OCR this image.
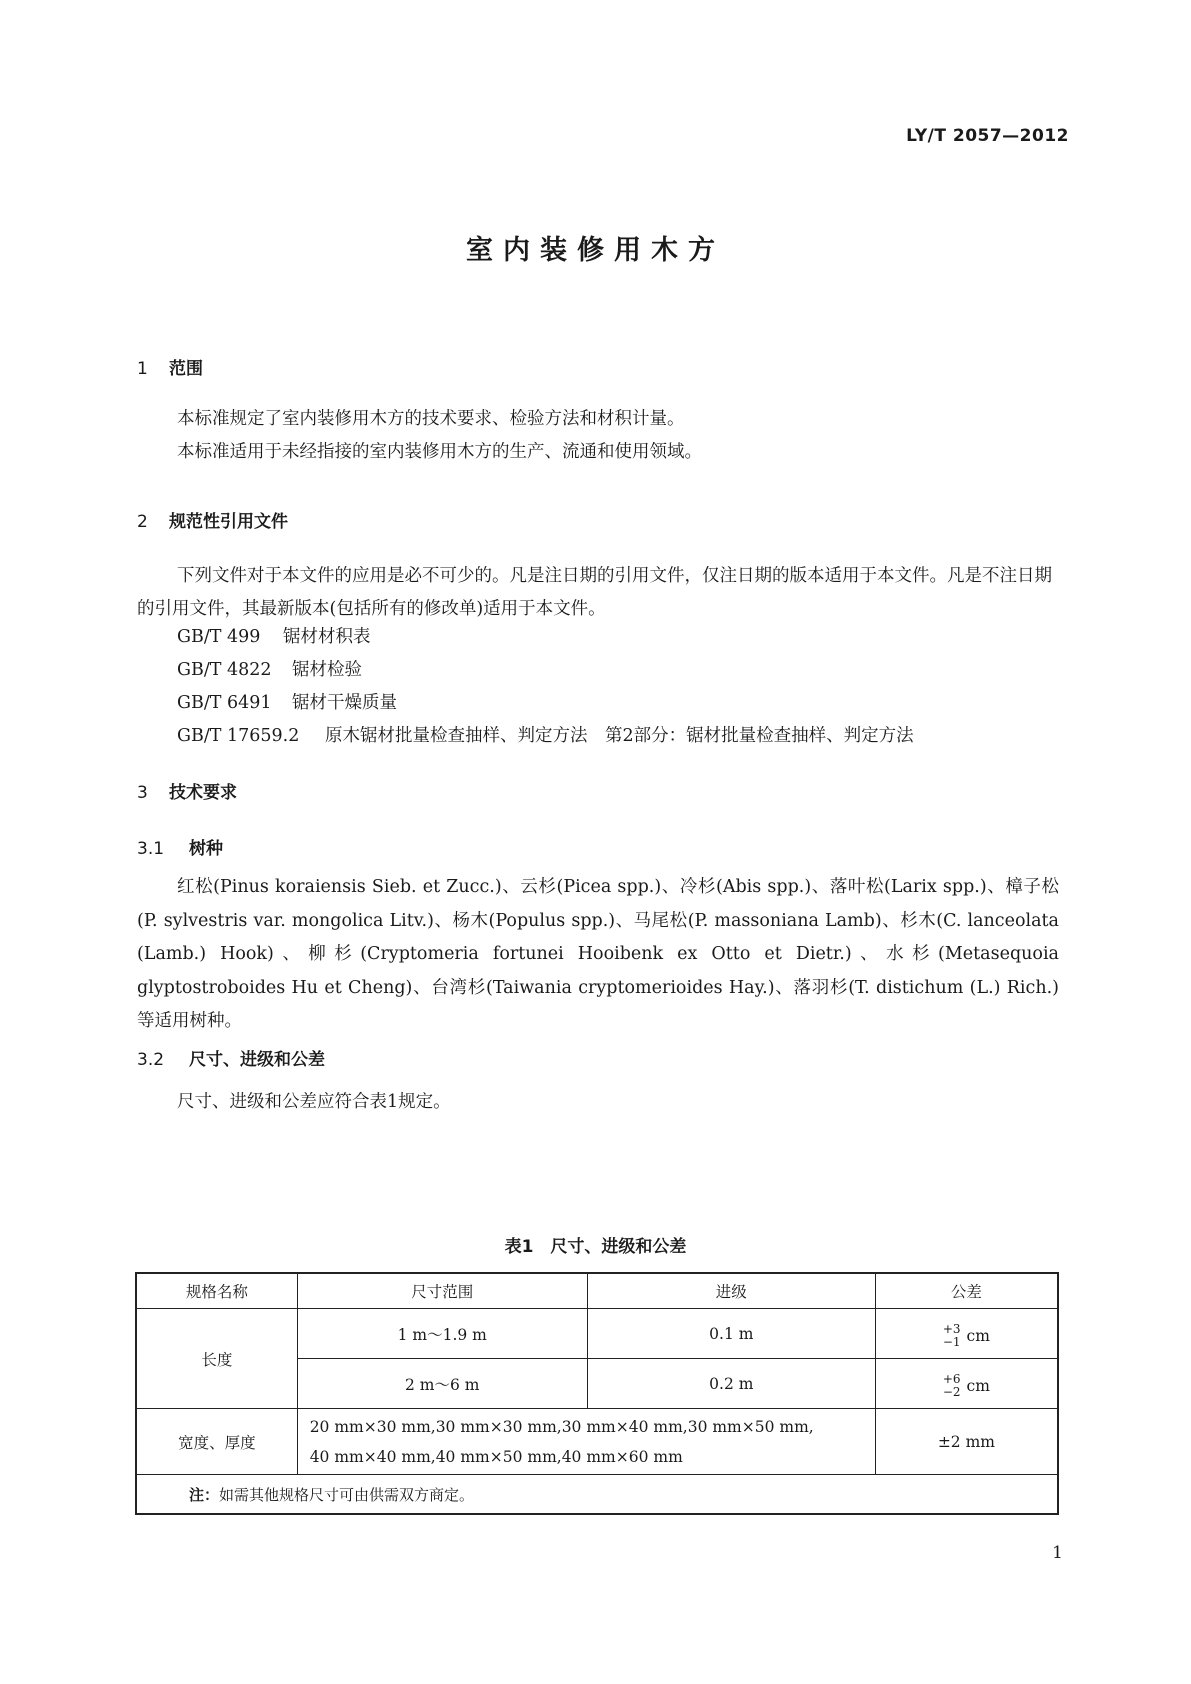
LY/T 2057—2012
室内装修用木方
1 范围

本标准规定了室内装修用木方的技术要求、检验方法和材积计量。

本标准适用于未经指接的室内装修用木方的生产、流通和使用领域。

2 规范性引用文件

下列文件对于本文件的应用是必不可少的。凡是注日期的引用文件，仅注日期的版本适用于本文件。凡是不注日期的引用文件，其最新版本(包括所有的修改单)适用于本文件。

GB/T 499 锯材材积表
GB/T 4822 锯材检验
GB/T 6491 锯材干燥质量
GB/T 17659.2 原木锯材批量检查抽样、判定方法　第2部分：锯材批量检查抽样、判定方法
3 技术要求
3.1 树种

红松(Pinus koraiensis Sieb. et Zucc.)、云杉(Picea spp.)、冷杉(Abis spp.)、落叶松(Larix spp.)、樟子松(P. sylvestris var. mongolica Litv.)、杨木(Populus spp.)、马尾松(P. massoniana Lamb)、杉木(C. lanceolata (Lamb.) Hook)、柳杉(Cryptomeria fortunei Hooibenk ex Otto et Dietr.)、水杉(Metasequoia glyptostroboides Hu et Cheng)、台湾杉(Taiwania cryptomerioides Hay.)、落羽杉(T. distichum (L.) Rich.)等适用树种。

3.2 尺寸、进级和公差

尺寸、进级和公差应符合表1规定。

表1　尺寸、进级和公差
规格名称	尺寸范围	进级	公差
长度	1 m～1.9 m	0.1 m	+3
−1 cm

	2 m～6 m	0.2 m	+6
−2 cm

宽度、厚度	20 mm×30 mm,30 mm×30 mm,30 mm×40 mm,30 mm×50 mm,
40 mm×40 mm,40 mm×50 mm,40 mm×60 mm		±2 mm
注：如需其他规格尺寸可由供需双方商定。			
1
